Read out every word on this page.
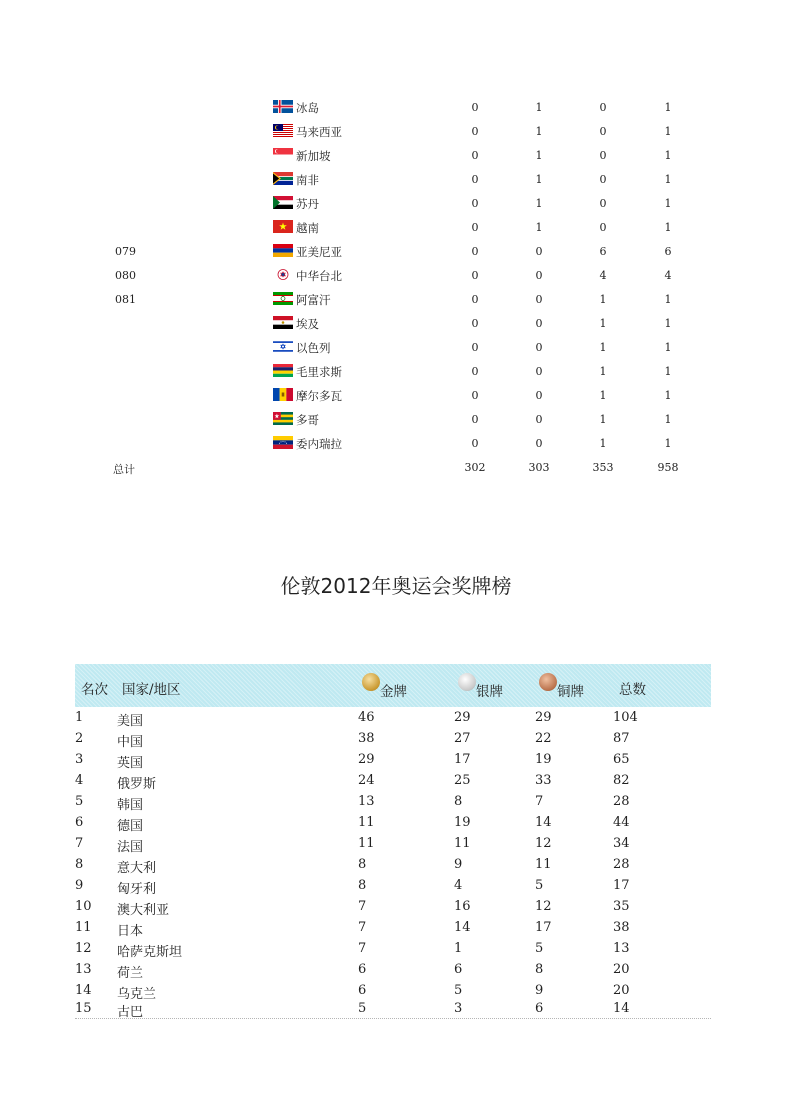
冰岛	0	1	0	1
马来西亚	0	1	0	1
新加坡	0	1	0	1
南非	0	1	0	1
苏丹	0	1	0	1
越南	0	1	0	1
079	亚美尼亚	0	0	6	6
080	中华台北	0	0	4	4
081	阿富汗	0	0	1	1
埃及	0	0	1	1
以色列	0	0	1	1
毛里求斯	0	0	1	1
摩尔多瓦	0	0	1	1
多哥	0	0	1	1
委内瑞拉	0	0	1	1
总计	302	303	353	958
伦敦2012年奥运会奖牌榜
名次 国家/地区	金牌	银牌	铜牌	总数
1	美国	46	29	29	104
2	中国	38	27	22	87
3	英国	29	17	19	65
4	俄罗斯	24	25	33	82
5	韩国	13	8	7	28
6	德国	11	19	14	44
7	法国	11	11	12	34
8	意大利	8	9	11	28
9	匈牙利	8	4	5	17
10 澳大利亚	7	16	12	35
11 日本	7	14	17	38
12 哈萨克斯坦	7	1	5	13
13 荷兰	6	6	8	20
14 乌克兰	6	5	9	20
15 古巴	5	3	6	14
